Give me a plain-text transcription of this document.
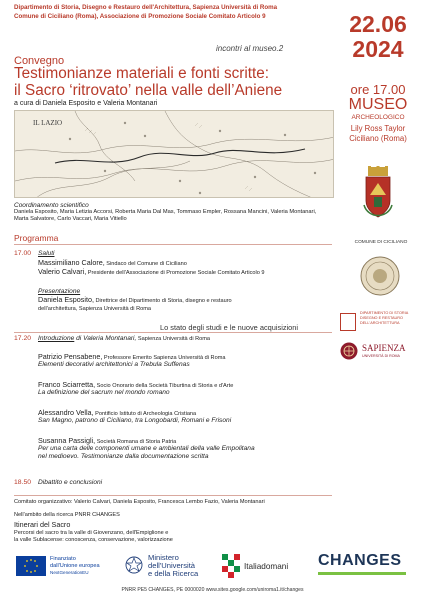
Dipartimento di Storia, Disegno e Restauro dell'Architettura, Sapienza Università di Roma
Comune di Ciciliano (Roma), Associazione di Promozione Sociale Comitato Articolo 9
incontri al museo.2
Convegno
Testimonianze materiali e fonti scritte:
il Sacro ‘ritrovato’ nella valle dell’Aniene
a cura di Daniela Esposito e Valeria Montanari
IL LAZIO
Coordinamento scientifico
Daniela Esposito, Maria Letizia Accorsi, Roberta Maria Dal Mas, Tommaso Empler, Rossana Mancini, Valeria Montanari,
Marta Salvatore, Carlo Vaccari, Maria Vitiello
Programma
17.00 Saluti
Massimiliano Calore, Sindaco del Comune di Ciciliano
Valerio Calvari, Presidente dell'Associazione di Promozione Sociale Comitato Articolo 9
Presentazione
Daniela Esposito, Direttrice del Dipartimento di Storia, disegno e restauro
dell'architettura, Sapienza Università di Roma
Lo stato degli studi e le nuove acquisizioni
17.20 Introduzione di Valeria Montanari, Sapienza Università di Roma
Patrizio Pensabene, Professore Emerito Sapienza Università di Roma
Elementi decorativi architettonici a Trebula Suffenas
Franco Sciarretta, Socio Onorario della Società Tiburtina di Storia e d'Arte
La definizione del sacrum nel mondo romano
Alessandro Vella, Pontificio Istituto di Archeologia Cristiana
San Magno, patrono di Ciciliano, tra Longobardi, Romani e Frisoni
Susanna Passigli, Società Romana di Storia Patria
Per una carta delle componenti umane e ambientali della valle Empolitana
nel medioevo. Testimonianze dalla documentazione scritta
18.50 Dibattito e conclusioni
Comitato organizzativo: Valerio Calvari, Daniela Esposito, Francesca Lembo Fazio, Valeria Montanari
Nell'ambito della ricerca PNRR CHANGES
Itinerari del Sacro
Percorsi del sacro tra la valle di Giovenzano, dell'Empiglione e
la valle Sublacense: conoscenza, conservazione, valorizzazione
22.06
2024
ore 17.00
MUSEO
ARCHEOLOGICO
Lily Ross Taylor
Ciciliano (Roma)
COMUNE DI CICILIANO
DIPARTIMENTO DI STORIA
DISEGNO E RESTAURO
DELL'ARCHITETTURA
SAPIENZA
UNIVERSITÀ DI ROMA
Finanziato
dall'Unione europea
NextGenerationEU
Ministero
dell'Università
e della Ricerca
Italiadomani CHANGES
PNRR PE5 CHANGES, PE 0000020 www.sites.google.com/uniroma1.it/changes
